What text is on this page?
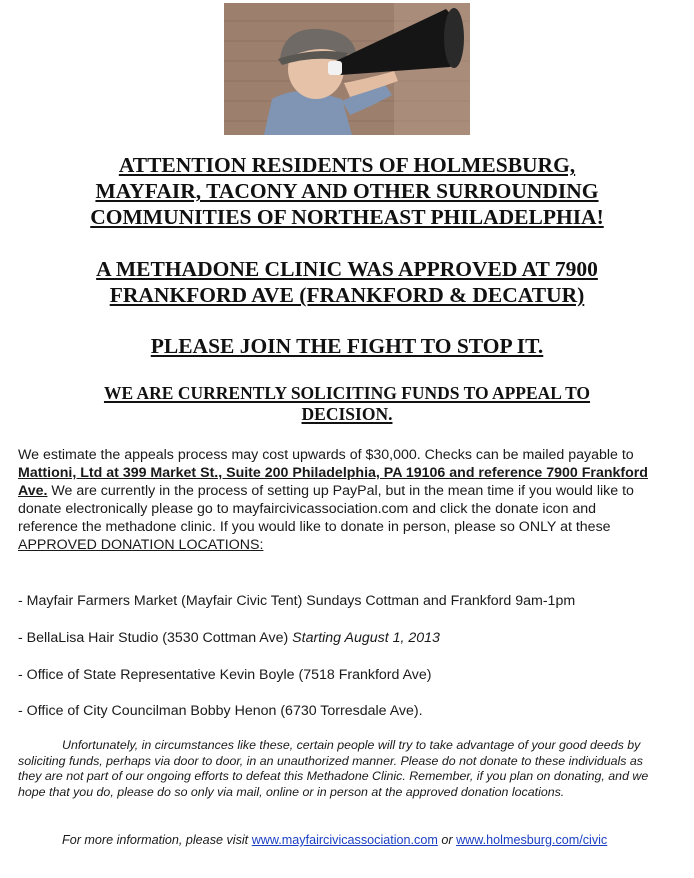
ATTENTION RESIDENTS OF HOLMESBURG,
MAYFAIR, TACONY AND OTHER SURROUNDING
COMMUNITIES OF NORTHEAST PHILADELPHIA!
A METHADONE CLINIC WAS APPROVED AT 7900
FRANKFORD AVE (FRANKFORD & DECATUR)
PLEASE JOIN THE FIGHT TO STOP IT.
WE ARE CURRENTLY SOLICITING FUNDS TO APPEAL TO
DECISION.

We estimate the appeals process may cost upwards of $30,000. Checks can be mailed payable to Mattioni, Ltd at 399 Market St., Suite 200 Philadelphia, PA 19106 and reference 7900 Frankford Ave. We are currently in the process of setting up PayPal, but in the mean time if you would like to donate electronically please go to mayfaircivicassociation.com and click the donate icon and reference the methadone clinic. If you would like to donate in person, please so ONLY at these APPROVED DONATION LOCATIONS:

- Mayfair Farmers Market (Mayfair Civic Tent) Sundays Cottman and Frankford 9am-1pm

- BellaLisa Hair Studio (3530 Cottman Ave) Starting August 1, 2013

- Office of State Representative Kevin Boyle (7518 Frankford Ave)

- Office of City Councilman Bobby Henon (6730 Torresdale Ave).

Unfortunately, in circumstances like these, certain people will try to take advantage of your good deeds by soliciting funds, perhaps via door to door, in an unauthorized manner. Please do not donate to these individuals as they are not part of our ongoing efforts to defeat this Methadone Clinic. Remember, if you plan on donating, and we hope that you do, please do so only via mail, online or in person at the approved donation locations.

For more information, please visit www.mayfaircivicassociation.com or www.holmesburg.com/civic
